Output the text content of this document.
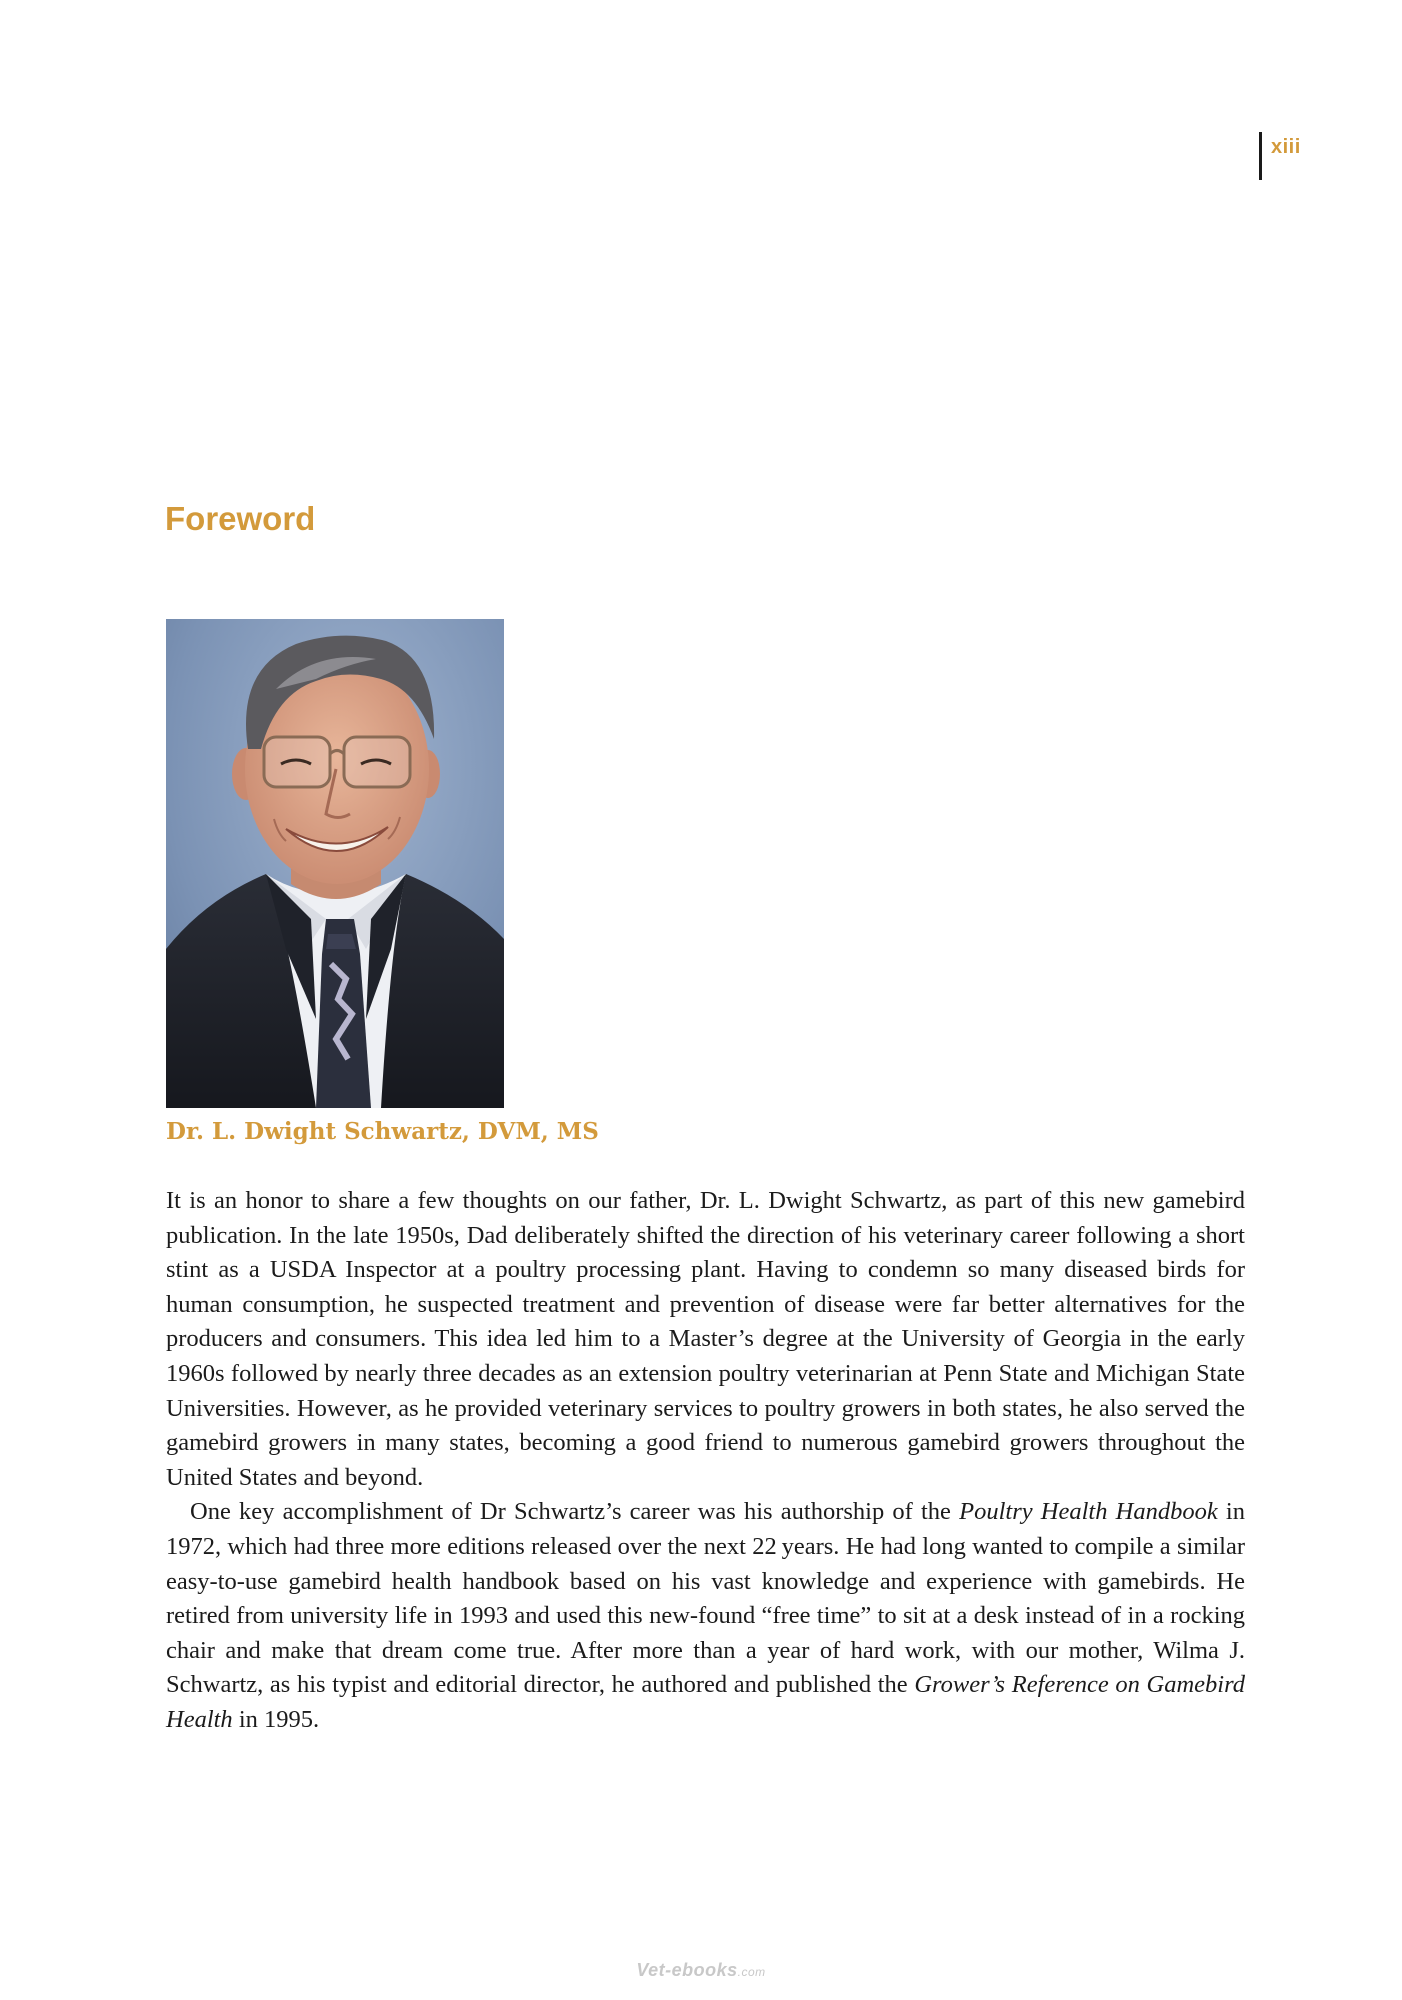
xiii
Foreword
Dr. L. Dwight Schwartz, DVM, MS

It is an honor to share a few thoughts on our father, Dr. L. Dwight Schwartz, as part of this new gamebird publication. In the late 1950s, Dad deliberately shifted the direction of his veterinary career following a short stint as a USDA Inspector at a poultry processing plant. Having to condemn so many diseased birds for human consumption, he suspected treatment and prevention of disease were far better alternatives for the producers and consumers. This idea led him to a Master’s degree at the University of Georgia in the early 1960s followed by nearly three decades as an extension poultry veterinarian at Penn State and Michigan State Universities. However, as he provided veterinary services to poultry growers in both states, he also served the gamebird growers in many states, becoming a good friend to numerous gamebird growers throughout the United States and beyond.

One key accomplishment of Dr Schwartz’s career was his authorship of the Poultry Health Handbook in 1972, which had three more editions released over the next 22 years. He had long wanted to compile a similar easy-to-use gamebird health handbook based on his vast knowledge and experience with gamebirds. He retired from university life in 1993 and used this new-found “free time” to sit at a desk instead of in a rocking chair and make that dream come true. After more than a year of hard work, with our mother, Wilma J. Schwartz, as his typist and editorial director, he authored and published the Grower’s Reference on Gamebird Health in 1995.

Vet-ebooks.com
